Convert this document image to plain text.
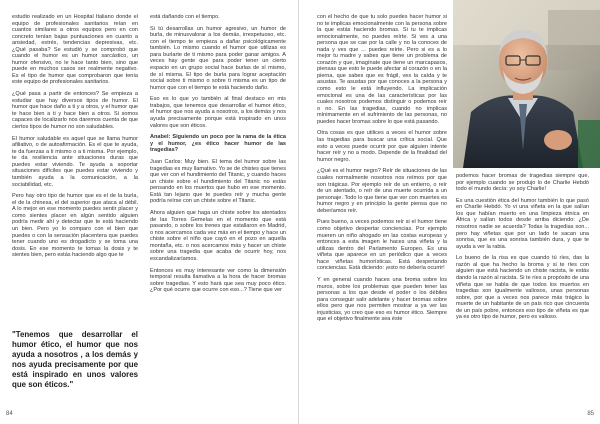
estudio realizado en un Hospital Italiano donde el equipo de profesionales sanitarios reían en cuantos similares a otros equipos pero en con concreto tenían bajas puntuaciones en cuanto a ansiedad, estrés, tendencias depresivas, etc. ¿Qué pasaba? Se estudió y se comprobó que cuando el humor es un humor sarcástico, un humor ofensivo, no le hace tanto bien, sino que puede en muchos casos ser realmente negativo. Es el tipo de humor que comprobaron que tenía este equipo de profesionales sanitarios.

¿Qué pasa a partir de entonces? Se empieza a estudiar que hay diversos tipos de humor. El humor que hace daño a ti y a otros, y el humor que te hace bien a ti y hace bien a otros. Si somos capaces de localizarlo nos daremos cuenta de que ciertos tipos de humor no son saludables.

El humor saludable es aquel que se llama humor afiliativo, o de autoafirmación. Es el que te ayuda, te da fuerzas a ti mismo o a ti misma. Por ejemplo, te da resiliencia ante situaciones duras que puedes estar viviendo. Te ayuda a soportar situaciones difíciles que puedes estar viviendo y también ayuda a la comunicación, a la sociabilidad, etc.

Pero hay otro tipo de humor que es el de la burla, el de la chinesa, el del superior que ataca al débil. A lo mejor en ese momento puedes sentir placer y como sientes placer en algún sentido alguien podría medir ahí y detectar que te está haciendo un bien. Pero yo lo comparo con el bien que puedes o con la sensación placentera que puedes tener cuando uno es drogadicto y se toma una dosis. En ese momento te tomas la dosis y te sientes bien, pero estás haciendo algo que te

"Tenemos que desarrollar el humor ético, el humor que nos ayuda a nosotros , a los demás y nos ayuda precisamente por que está inspirado en unos valores que son éticos."

está dañando con el tiempo.

Si tú desarrollas un humor agresivo, un humor de burla, de minusvalorar a los demás, irrespetuoso, etc. con el tiempo te empieza a dañar psicológicamente también. Lo mismo cuando el humor que utilizas es para burlarte de ti mismo para poder ganar amigos. A veces hay gente que para poder tener un cierto espacio en un grupo social hace burlas de sí mismo, de sí misma. El tipo de burla para lograr aceptación social sobre ti mismo o sobre ti misma es un tipo de humor que con el tiempo te está haciendo daño.

Eso es lo que yo también al final destaco en mis trabajos, que tenemos que desarrollar el humor ético, el humor que nos ayuda a nosotros, a los demás y nos ayuda precisamente porque está inspirado en unos valores que son éticos.

Anabel: Siguiendo un poco por la rama de la ética y el humor, ¿es ético hacer humor de las tragedias?

Juan Carlos: Muy bien. El tema del humor sobre las tragedias es muy llamativo. Yo se de chistes que tienes que ver con el hundimiento del Titanic, y cuando haces un chiste sobre el hundimiento del Titanic no estás pensando en los muertos que hubo en ese momento. Está tan lejano que te puedes reír y mucha gente podría reírse con un chiste sobre el Titanic.

Ahora alguien que haga un chiste sobre los atentados de las Torres Gemelas en el momento que está pasando, o sobre los trenes que estallaron en Madrid, o nos acercamos cada vez más en el tiempo y hace un chiste sobre el niño que cayó en el pozo en aquella montaña, etc. o nos acercamos más y hacer un chiste sobre una tragedia que acaba de ocurrir hoy, nos escandalizaríamos.

Entonces es muy interesante ver como la dimensión temporal resulta llamativa a la hora de hacer bromas sobre tragedias. Y esto hará que sea muy poco ético. ¿Por qué ocurre que ocurre con eso...? Tiene que ver

84

con el hecho de que tu solo puedes hacer humor si no te implicas emocionalmente con la persona sobre la que estás haciendo bromas. Si tu te implicas emocionalmente, no puedes reírte. Si ves a una persona que se cae por la calle y no la conoces de nada y ves que ... puedes reírte. Pero si es a lo mejor tu madre y sabes que tiene un problema de corazón y que, imagínate que tiene un marcapasos, piensas que esto le puede afectar al corazón o en la pierna, que sabes que es frágil, ves la caída y te asustas. Te asustas por que conoces a la persona y como esto le está influyendo. La implicación emocional es una de las características por las cuales nosotros podemos distinguir o podemos reír o no. En las tragedias, cuando no implicas mínimamente en el sufrimiento de las personas, no puedes hacer bromas sobre lo que está pasando.

Otra cosas es que utilices a veces el humor sobre las tragedias para buscar una crítica social. Que esto a veces puede ocurrir por que alguien intente hacer reír y no a modo. Depende de la finalidad del humor negro.

¿Qué es el humor negro? Reír de situaciones de las cuales normalmente nosotros nos reímos por que son trágicas. Por ejemplo reír de un entierro, o reír de un atentado, o reír de una muerte ocurrida a un personaje. Todo lo que tiene que ver con muertes es humor negro y en principio la gente piensa que no deberíamos reír.

Pues bueno, a veces podemos reír si el humor tiene como objetivo despertar conciencias. Por ejemplo mueren un niño ahogado en las costas europeas y entonces a esta imagen le haces una viñeta y la utilizas dentro del Parlamento Europeo. Es una viñeta que aparece en un periódico que a veces hace viñetas humorísticas. Está despertando conciencias. Está diciendo: ¡esto no debería ocurrir!

Y en general cuando haces una broma sobre los muros, sobre los problemas que pueden tener las personas a los que desde el poder o los débiles para conseguir salir adelante y hacer bromas sobre ellos pero que nos permiten mostrar a ya ver las injusticias, yo creo que eso es humor ético. Siempre que el objetivo finalmente sea éste

podemos hacer bromas de tragedias siempre que, por ejemplo cuando se produjo lo de Charlie Hebdó todo el mundo decía: yo soy Charlie!

Es una cuestión ética del humor también lo que pasó en Charlie Hebdó. Yo vi una viñeta en la que salían los que habían muerto en una limpieza étnica en África y salían todos desde arriba diciendo: ¿De nosotros nadie se acuerda? Todas la tragedias son... pero hay viñetas que por un lado te sacan una sonrisa, que es una sonrisa también dura, y que te ayuda a ver la rabia.

Lo bueno de la risa es que cuando tú ríes, das la razón al que ha hecho la broma y si te ríes con alguien que está haciendo un chiste racista, le estás dando la razón al racista. Si te ríes a propósito de una viñeta que se habla de que todos los muertos en tragedias son igualmente valiosos, unas personas sobre, por que a veces nos parece más trágico la muerte de un habitante de un país rico que cincuenta de un país pobre, entonces eso tipo de viñeta es que ya es otro tipo de humor, pero es valioso.

85
